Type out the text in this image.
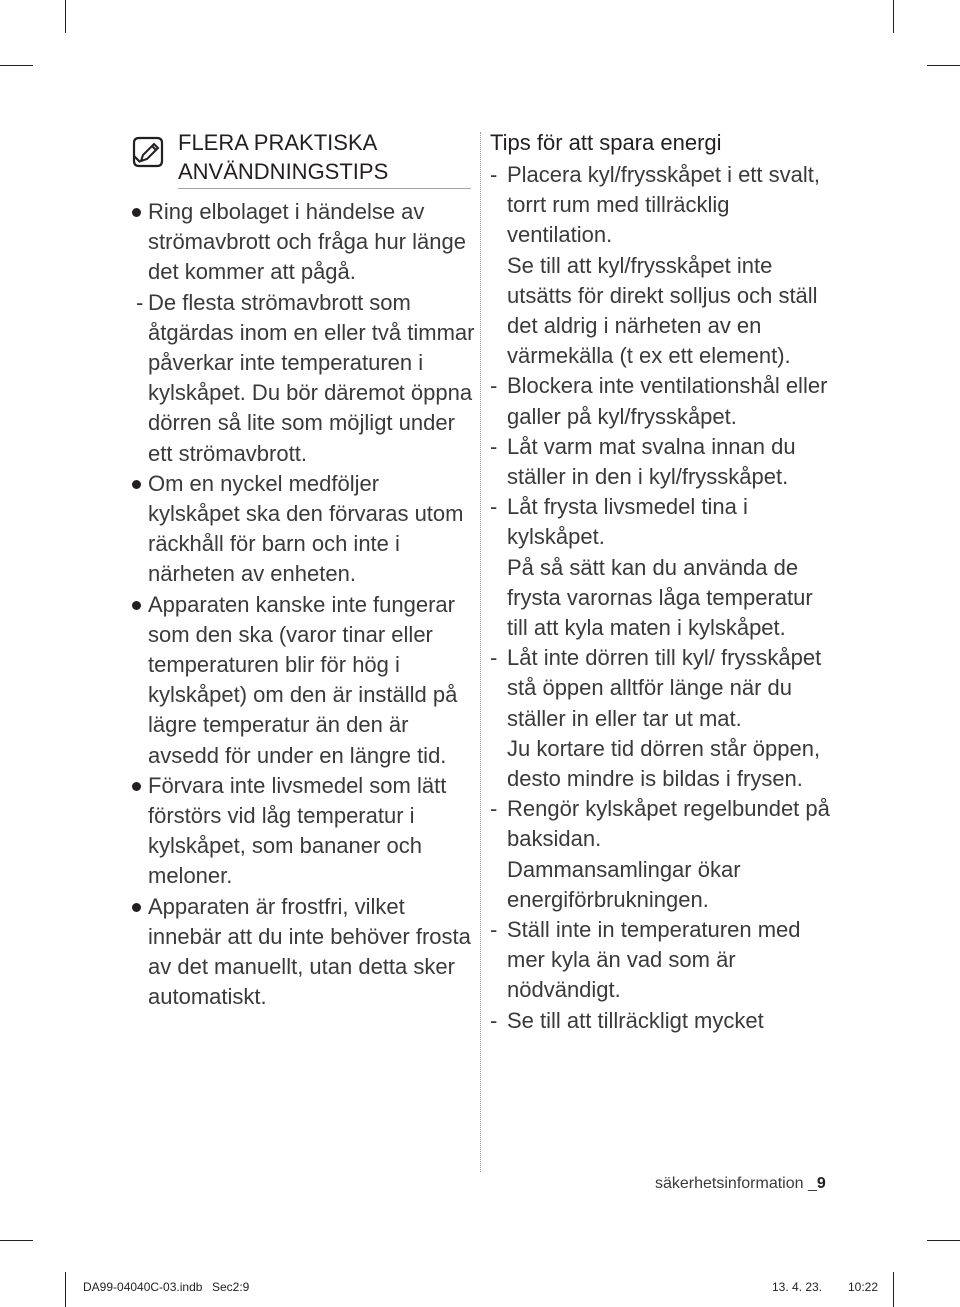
FLERA PRAKTISKA
ANVÄNDNINGSTIPS
Ring elbolaget i händelse av strömavbrott och fråga hur länge det kommer att pågå.
- De flesta strömavbrott som åtgärdas inom en eller två timmar påverkar inte temperaturen i kylskåpet. Du bör däremot öppna dörren så lite som möjligt under ett strömavbrott.
Om en nyckel medföljer kylskåpet ska den förvaras utom räckhåll för barn och inte i närheten av enheten.
Apparaten kanske inte fungerar som den ska (varor tinar eller temperaturen blir för hög i kylskåpet) om den är inställd på lägre temperatur än den är avsedd för under en längre tid.
Förvara inte livsmedel som lätt förstörs vid låg temperatur i kylskåpet, som bananer och meloner.
Apparaten är frostfri, vilket innebär att du inte behöver frosta av det manuellt, utan detta sker automatiskt.
Tips för att spara energi
- Placera kyl/frysskåpet i ett svalt, torrt rum med tillräcklig ventilation.
Se till att kyl/frysskåpet inte utsätts för direkt solljus och ställ det aldrig i närheten av en värmekälla (t ex ett element).
- Blockera inte ventilationshål eller galler på kyl/frysskåpet.
- Låt varm mat svalna innan du ställer in den i kyl/frysskåpet.
- Låt frysta livsmedel tina i kylskåpet.
På så sätt kan du använda de frysta varornas låga temperatur till att kyla maten i kylskåpet.
- Låt inte dörren till kyl/ frysskåpet stå öppen alltför länge när du ställer in eller tar ut mat.
Ju kortare tid dörren står öppen, desto mindre is bildas i frysen.
- Rengör kylskåpet regelbundet på baksidan.
Dammansamlingar ökar energiförbrukningen.
- Ställ inte in temperaturen med mer kyla än vad som är nödvändigt.
- Se till att tillräckligt mycket
säkerhetsinformation _9
DA99-04040C-03.indb Sec2:9	13. 4. 23. 10:22
